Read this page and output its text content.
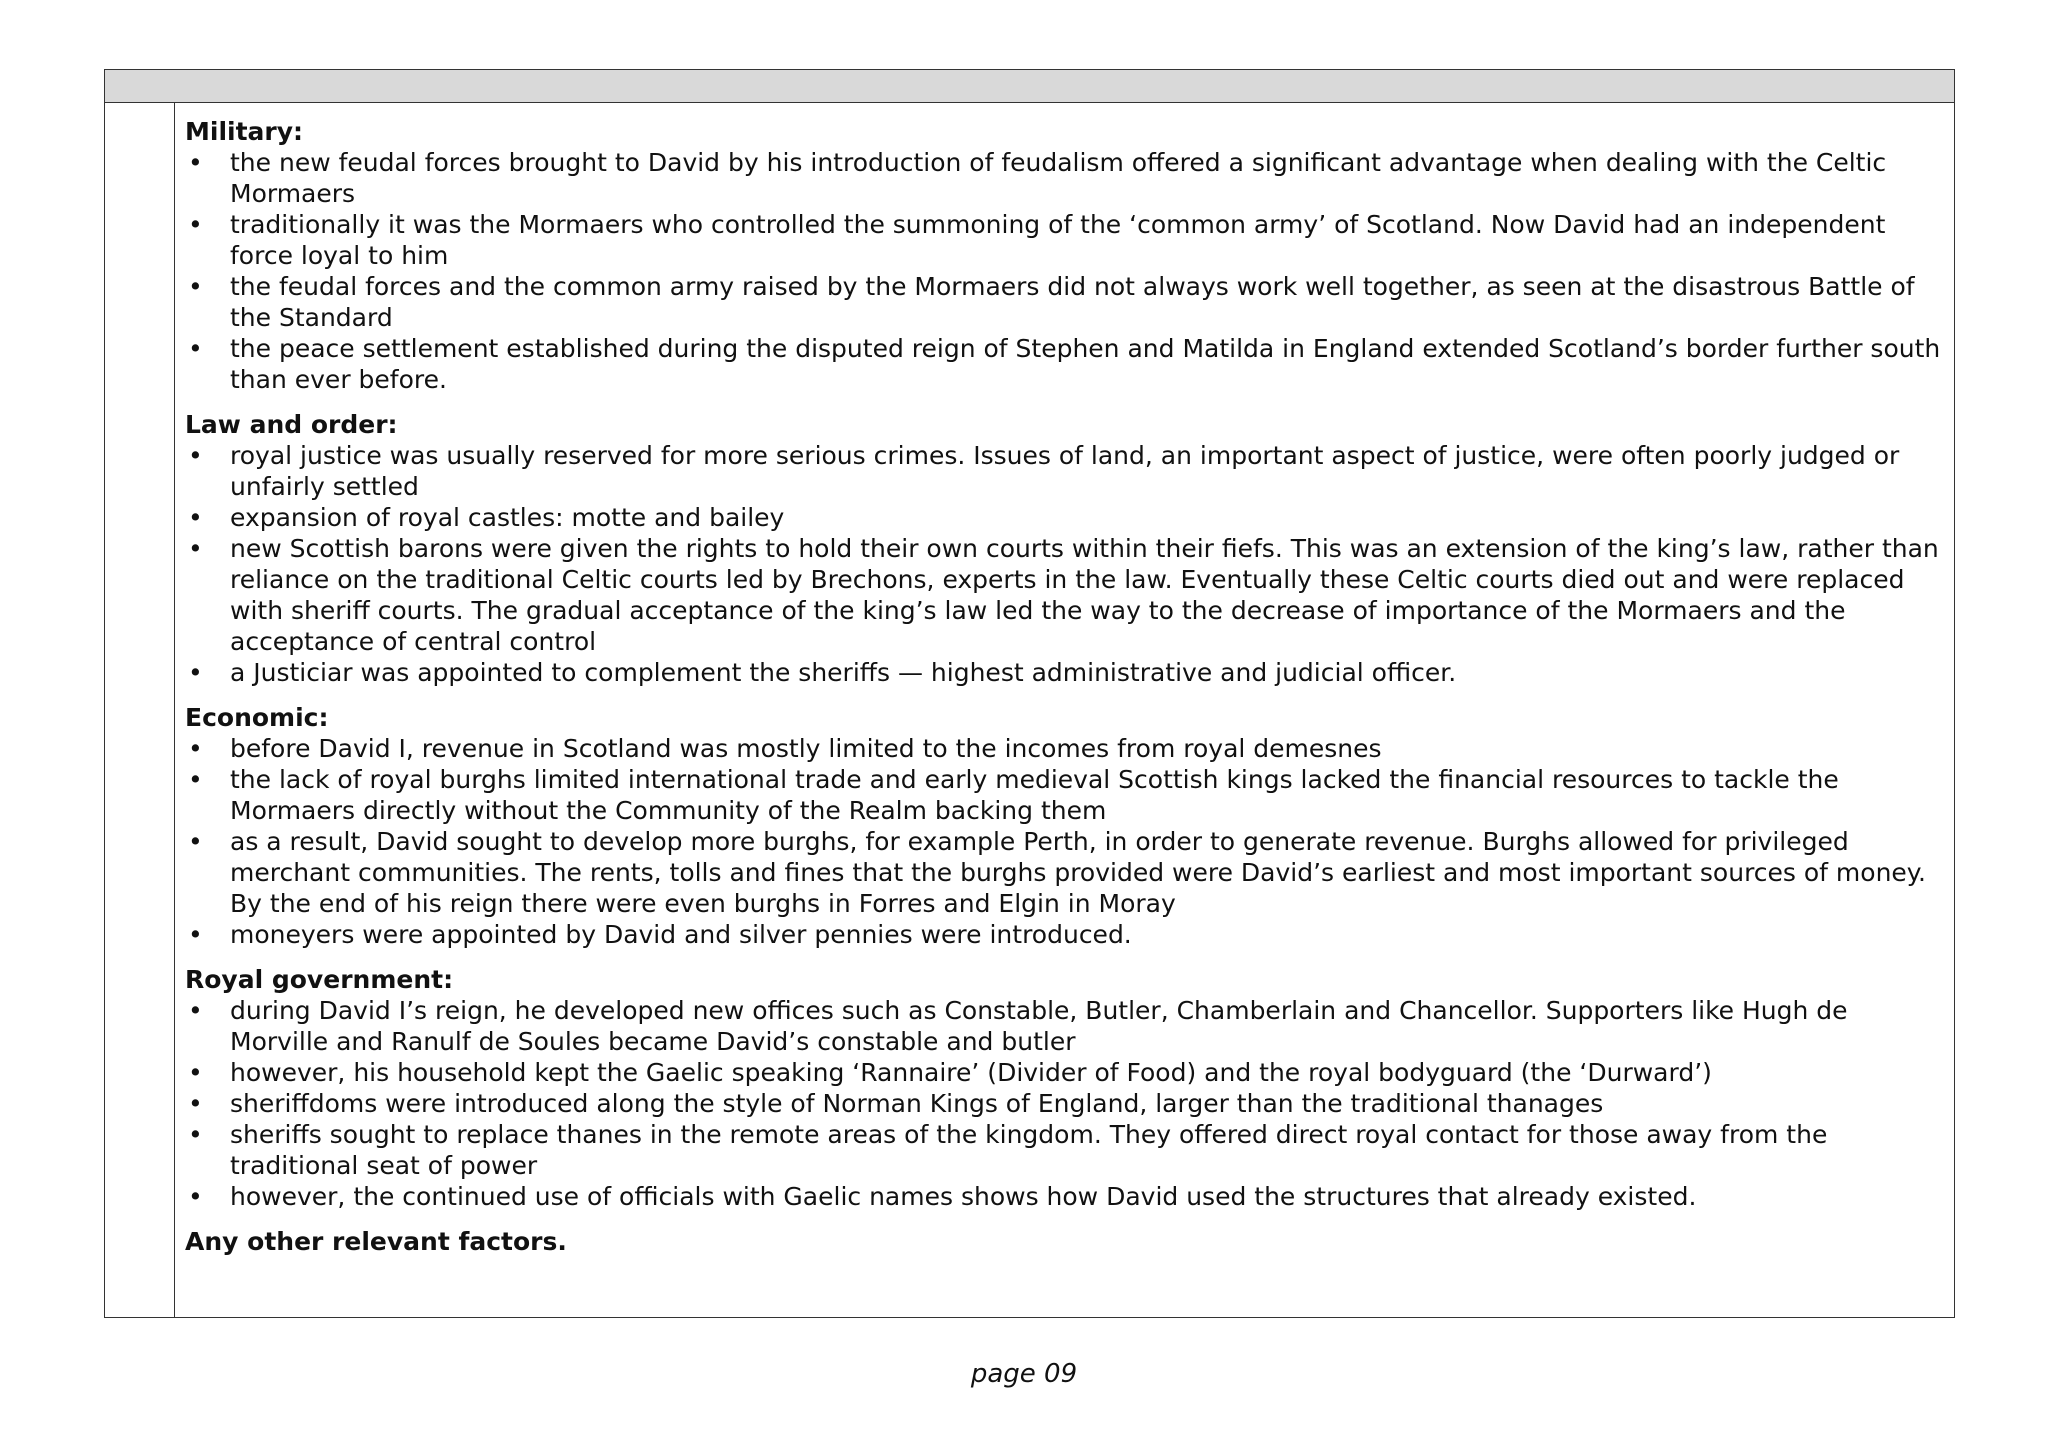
Military:

• the new feudal forces brought to David by his introduction of feudalism offered a significant advantage when dealing with the Celtic Mormaers
• traditionally it was the Mormaers who controlled the summoning of the ‘common army’ of Scotland. Now David had an independent force loyal to him
• the feudal forces and the common army raised by the Mormaers did not always work well together, as seen at the disastrous Battle of the Standard
• the peace settlement established during the disputed reign of Stephen and Matilda in England extended Scotland’s border further south than ever before.

Law and order:

• royal justice was usually reserved for more serious crimes. Issues of land, an important aspect of justice, were often poorly judged or unfairly settled
• expansion of royal castles: motte and bailey
• new Scottish barons were given the rights to hold their own courts within their fiefs. This was an extension of the king’s law, rather than reliance on the traditional Celtic courts led by Brechons, experts in the law. Eventually these Celtic courts died out and were replaced with sheriff courts. The gradual acceptance of the king’s law led the way to the decrease of importance of the Mormaers and the acceptance of central control
• a Justiciar was appointed to complement the sheriffs — highest administrative and judicial officer.

Economic:

• before David I, revenue in Scotland was mostly limited to the incomes from royal demesnes
• the lack of royal burghs limited international trade and early medieval Scottish kings lacked the financial resources to tackle the Mormaers directly without the Community of the Realm backing them
• as a result, David sought to develop more burghs, for example Perth, in order to generate revenue. Burghs allowed for privileged merchant communities. The rents, tolls and fines that the burghs provided were David’s earliest and most important sources of money. By the end of his reign there were even burghs in Forres and Elgin in Moray
• moneyers were appointed by David and silver pennies were introduced.

Royal government:

• during David I’s reign, he developed new offices such as Constable, Butler, Chamberlain and Chancellor. Supporters like Hugh de Morville and Ranulf de Soules became David’s constable and butler
• however, his household kept the Gaelic speaking ‘Rannaire’ (Divider of Food) and the royal bodyguard (the ‘Durward’)
• sheriffdoms were introduced along the style of Norman Kings of England, larger than the traditional thanages
• sheriffs sought to replace thanes in the remote areas of the kingdom. They offered direct royal contact for those away from the traditional seat of power
• however, the continued use of officials with Gaelic names shows how David used the structures that already existed.

Any other relevant factors.

page 09
